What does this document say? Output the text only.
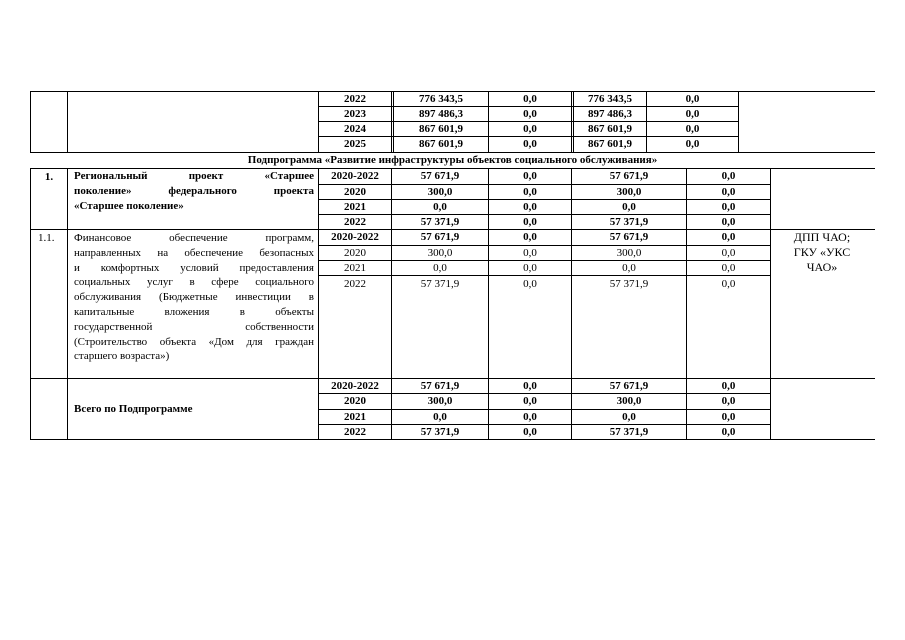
2022	776 343,5	0,0	776 343,5	0,0
2023	897 486,3	0,0	897 486,3	0,0
2024	867 601,9	0,0	867 601,9	0,0
2025	867 601,9	0,0	867 601,9	0,0
Подпрограмма «Развитие инфраструктуры объектов социального обслуживания»
1.	Региональный проект «Старшее
поколение» федерального проекта
«Старшее поколение»
2020-2022	57 671,9	0,0	57 671,9	0,0
2020	300,0	0,0	300,0	0,0
2021	0,0	0,0	0,0	0,0
2022	57 371,9	0,0	57 371,9	0,0
1.1.	Финансовое обеспечение программ,
направленных на обеспечение безопасных
и комфортных условий предоставления
социальных услуг в сфере социального
обслуживания (Бюджетные инвестиции в
капитальные вложения в объекты
государственной собственности
(Строительство объекта «Дом для граждан
старшего возраста»)
2020-2022	57 671,9	0,0	57 671,9	0,0
2020	300,0	0,0	300,0	0,0
2021	0,0	0,0	0,0	0,0
2022	57 371,9	0,0	57 371,9	0,0
ДПП ЧАО;
ГКУ «УКС
ЧАО»
Всего по Подпрограмме
2020-2022	57 671,9	0,0	57 671,9	0,0
2020	300,0	0,0	300,0	0,0
2021	0,0	0,0	0,0	0,0
2022	57 371,9	0,0	57 371,9	0,0
